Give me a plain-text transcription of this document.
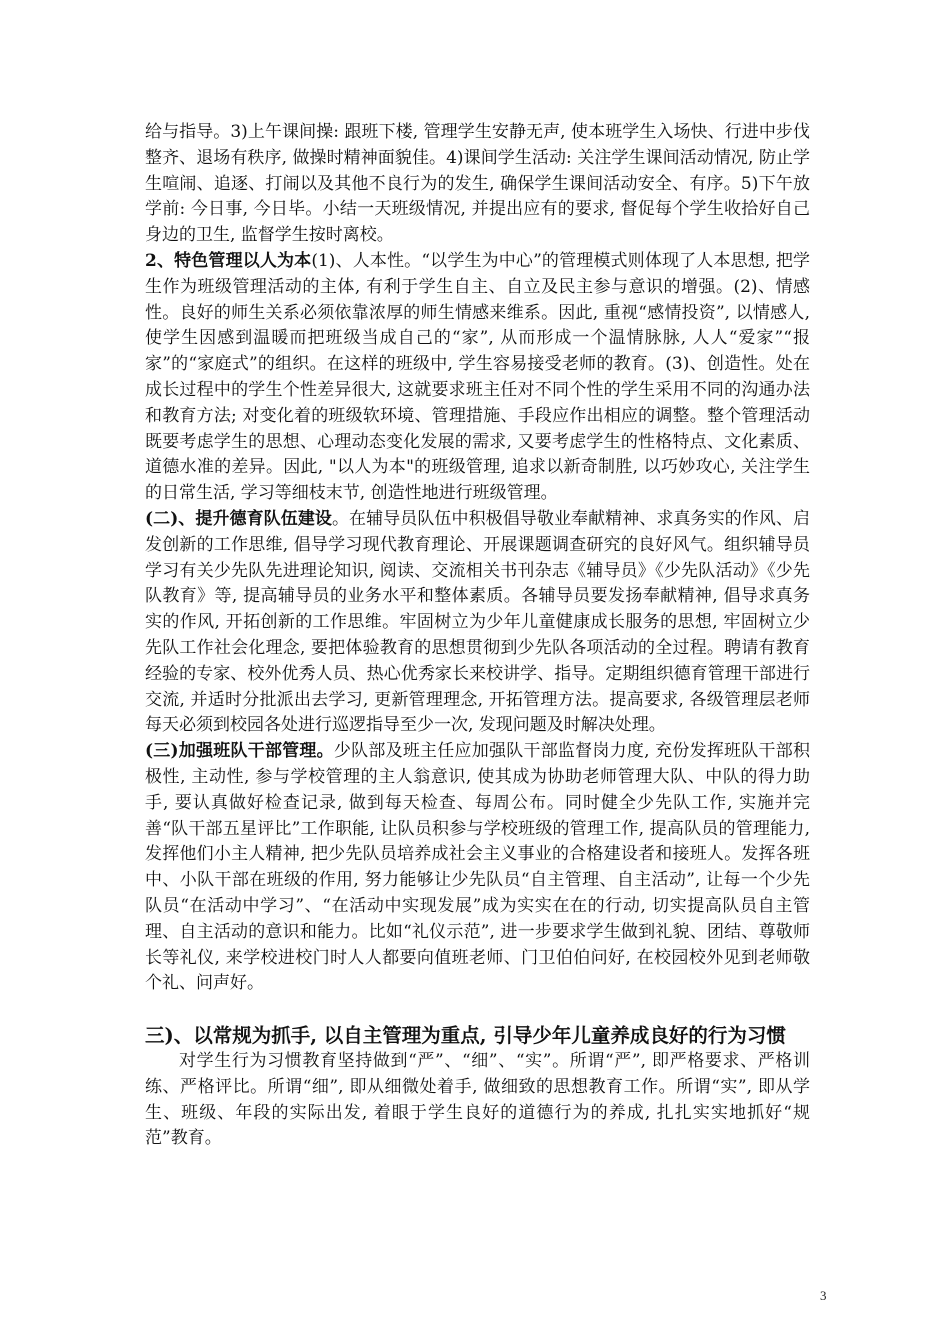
给与指导。3)上午课间操: 跟班下楼, 管理学生安静无声, 使本班学生入场快、行进中步伐整齐、退场有秩序, 做操时精神面貌佳。4)课间学生活动: 关注学生课间活动情况, 防止学生喧闹、追逐、打闹以及其他不良行为的发生, 确保学生课间活动安全、有序。5)下午放学前: 今日事, 今日毕。小结一天班级情况, 并提出应有的要求, 督促每个学生收拾好自己身边的卫生, 监督学生按时离校。

2、特色管理以人为本(1)、人本性。“以学生为中心”的管理模式则体现了人本思想, 把学生作为班级管理活动的主体, 有利于学生自主、自立及民主参与意识的增强。(2)、情感性。良好的师生关系必须依靠浓厚的师生情感来维系。因此, 重视“感情投资”, 以情感人, 使学生因感到温暖而把班级当成自己的“家”, 从而形成一个温情脉脉, 人人“爱家”“报家”的“家庭式”的组织。在这样的班级中, 学生容易接受老师的教育。(3)、创造性。处在成长过程中的学生个性差异很大, 这就要求班主任对不同个性的学生采用不同的沟通办法和教育方法; 对变化着的班级软环境、管理措施、手段应作出相应的调整。整个管理活动既要考虑学生的思想、心理动态变化发展的需求, 又要考虑学生的性格特点、文化素质、道德水准的差异。因此, "以人为本"的班级管理, 追求以新奇制胜, 以巧妙攻心, 关注学生的日常生活, 学习等细枝末节, 创造性地进行班级管理。

(二)、提升德育队伍建设。在辅导员队伍中积极倡导敬业奉献精神、求真务实的作风、启发创新的工作思维, 倡导学习现代教育理论、开展课题调查研究的良好风气。组织辅导员学习有关少先队先进理论知识, 阅读、交流相关书刊杂志《辅导员》《少先队活动》《少先队教育》等, 提高辅导员的业务水平和整体素质。各辅导员要发扬奉献精神, 倡导求真务实的作风, 开拓创新的工作思维。牢固树立为少年儿童健康成长服务的思想, 牢固树立少先队工作社会化理念, 要把体验教育的思想贯彻到少先队各项活动的全过程。聘请有教育经验的专家、校外优秀人员、热心优秀家长来校讲学、指导。定期组织德育管理干部进行交流, 并适时分批派出去学习, 更新管理理念, 开拓管理方法。提高要求, 各级管理层老师每天必须到校园各处进行巡逻指导至少一次, 发现问题及时解决处理。

(三)加强班队干部管理。少队部及班主任应加强队干部监督岗力度, 充份发挥班队干部积极性, 主动性, 参与学校管理的主人翁意识, 使其成为协助老师管理大队、中队的得力助手, 要认真做好检查记录, 做到每天检查、每周公布。同时健全少先队工作, 实施并完善“队干部五星评比”工作职能, 让队员积参与学校班级的管理工作, 提高队员的管理能力, 发挥他们小主人精神, 把少先队员培养成社会主义事业的合格建设者和接班人。发挥各班中、小队干部在班级的作用, 努力能够让少先队员“自主管理、自主活动”, 让每一个少先队员“在活动中学习”、“在活动中实现发展”成为实实在在的行动, 切实提高队员自主管理、自主活动的意识和能力。比如“礼仪示范”, 进一步要求学生做到礼貌、团结、尊敬师长等礼仪, 来学校进校门时人人都要向值班老师、门卫伯伯问好, 在校园校外见到老师敬个礼、问声好。

三)、以常规为抓手, 以自主管理为重点, 引导少年儿童养成良好的行为习惯

对学生行为习惯教育坚持做到“严”、“细”、“实”。所谓“严”, 即严格要求、严格训练、严格评比。所谓“细”, 即从细微处着手, 做细致的思想教育工作。所谓“实”, 即从学生、班级、年段的实际出发, 着眼于学生良好的道德行为的养成, 扎扎实实地抓好“规范”教育。

3
